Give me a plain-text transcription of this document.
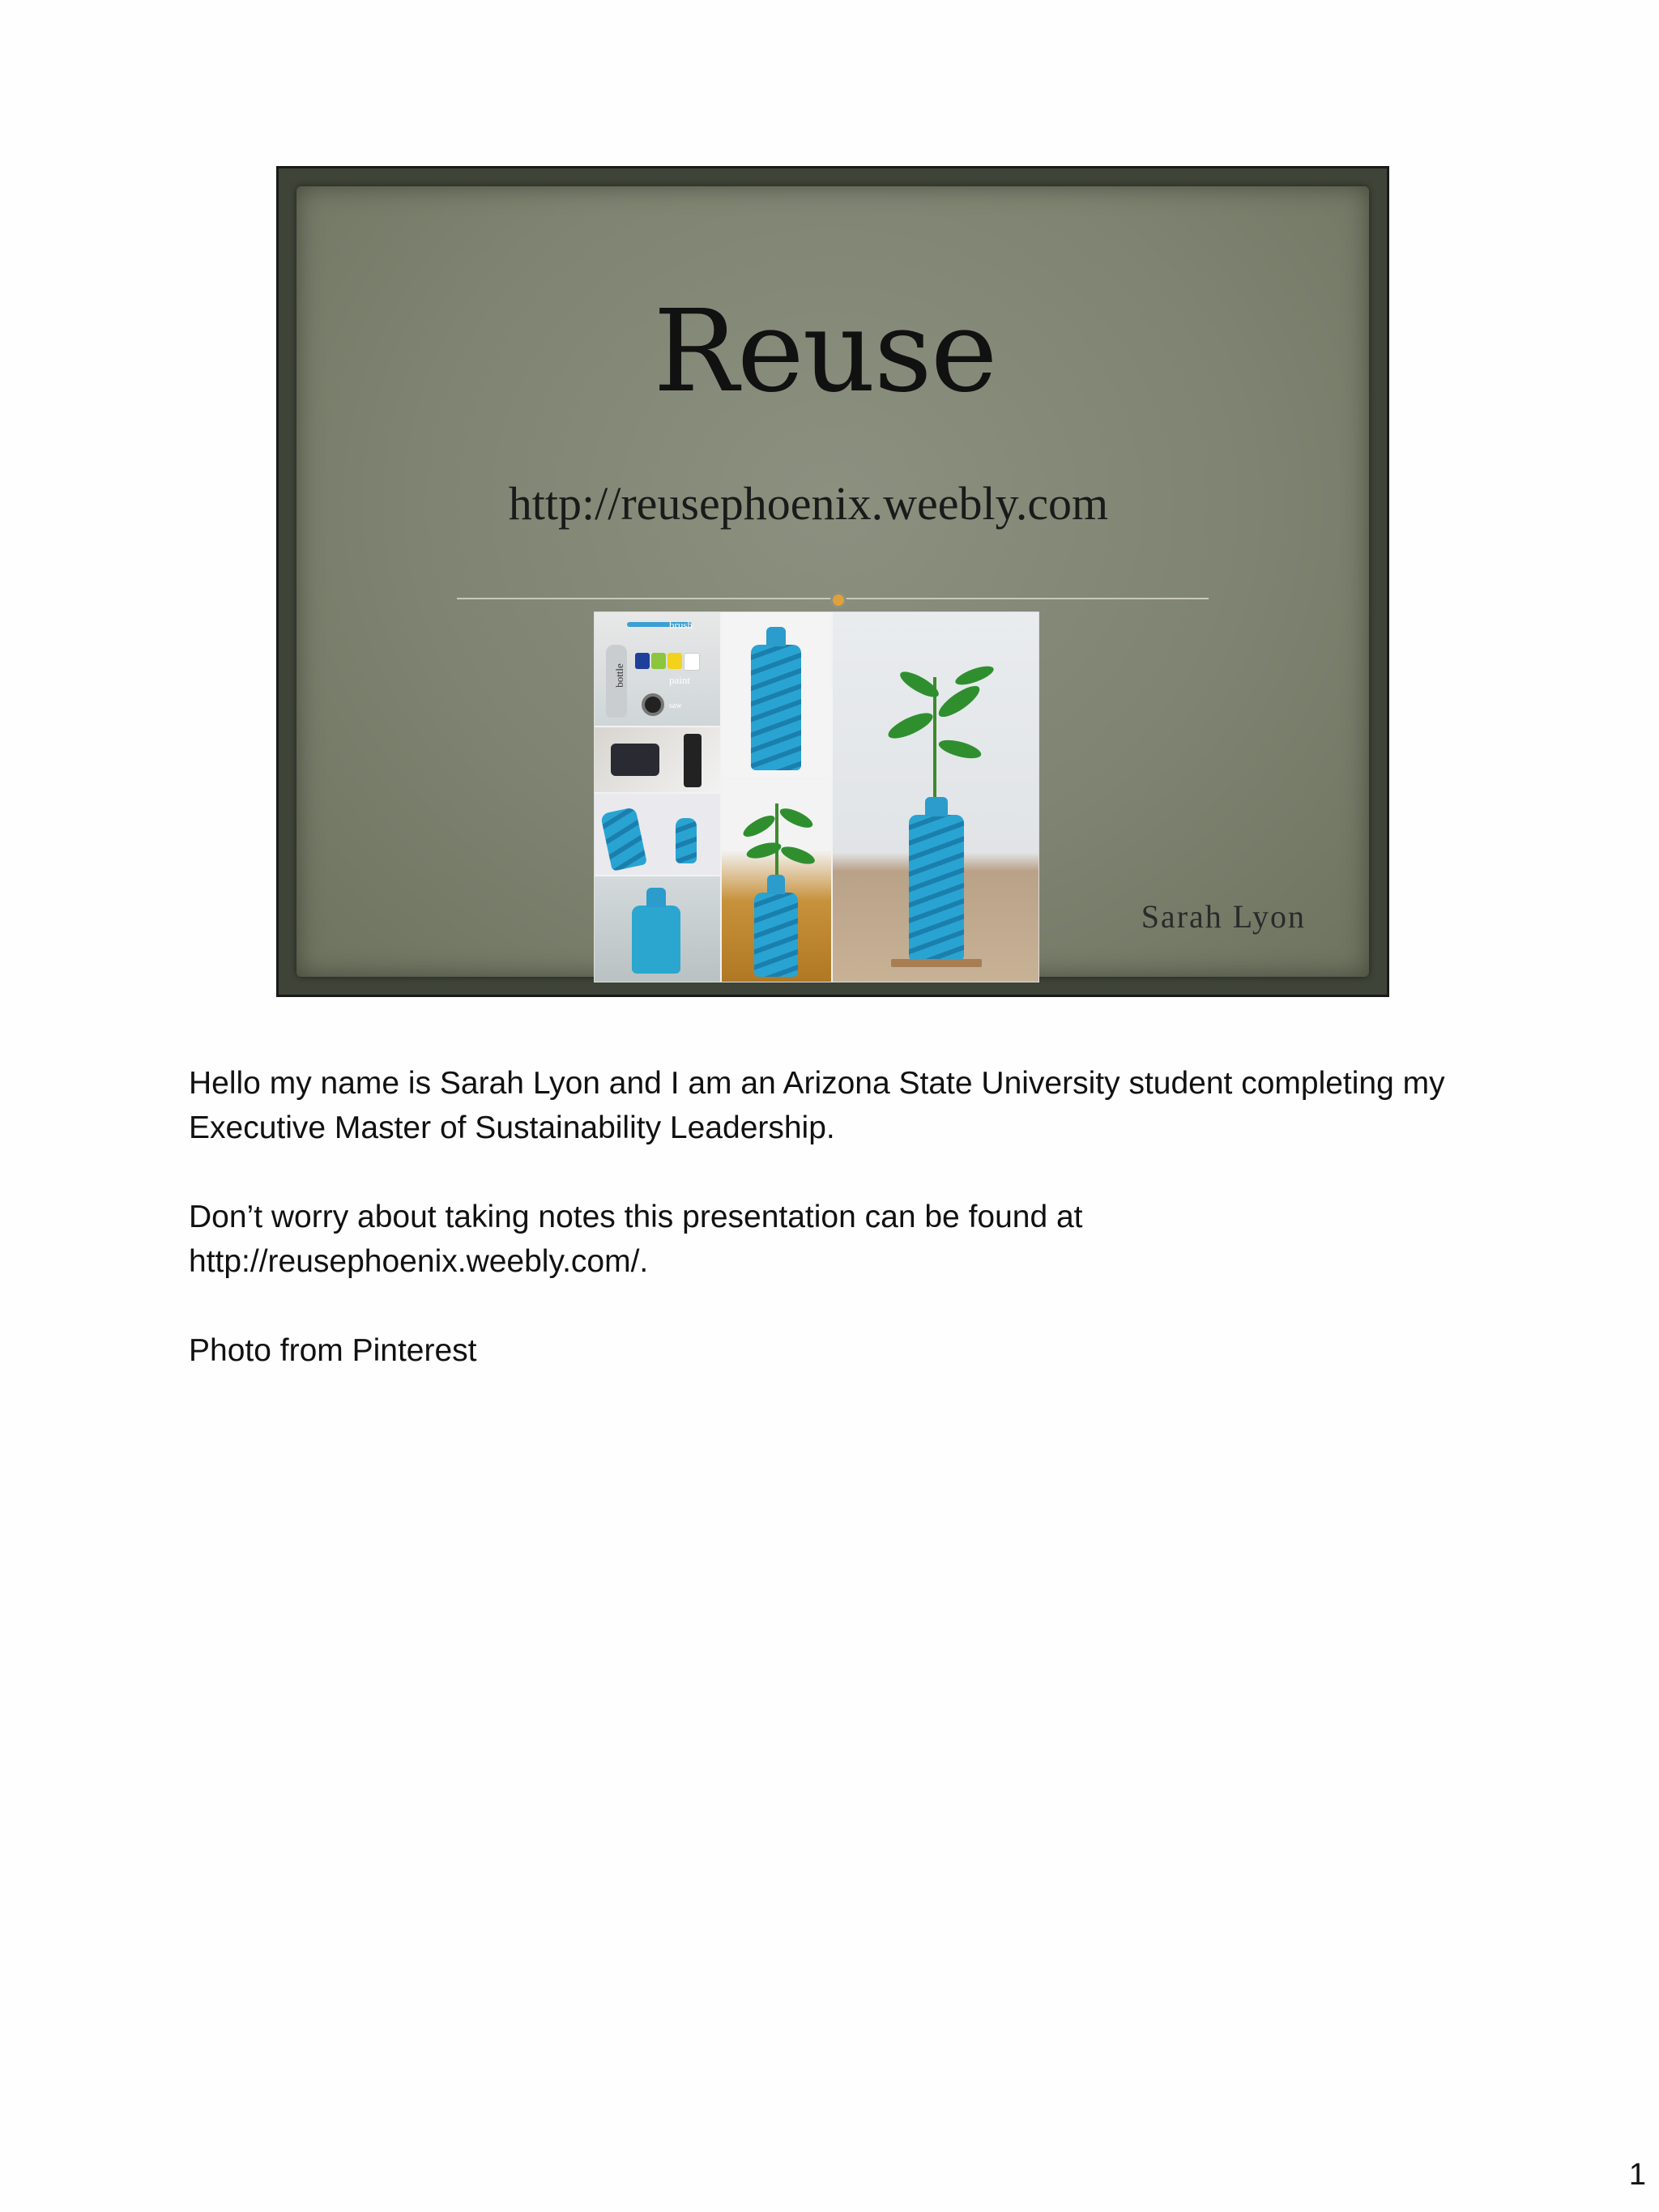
Reuse
http://reusephoenix.weebly.com
bottle
brush
paint
saw
Sarah Lyon

Hello my name is Sarah Lyon and I am an Arizona State University student completing my Executive Master of Sustainability Leadership.

Don’t worry about taking notes this presentation can be found at http://reusephoenix.weebly.com/.

Photo from Pinterest

1
